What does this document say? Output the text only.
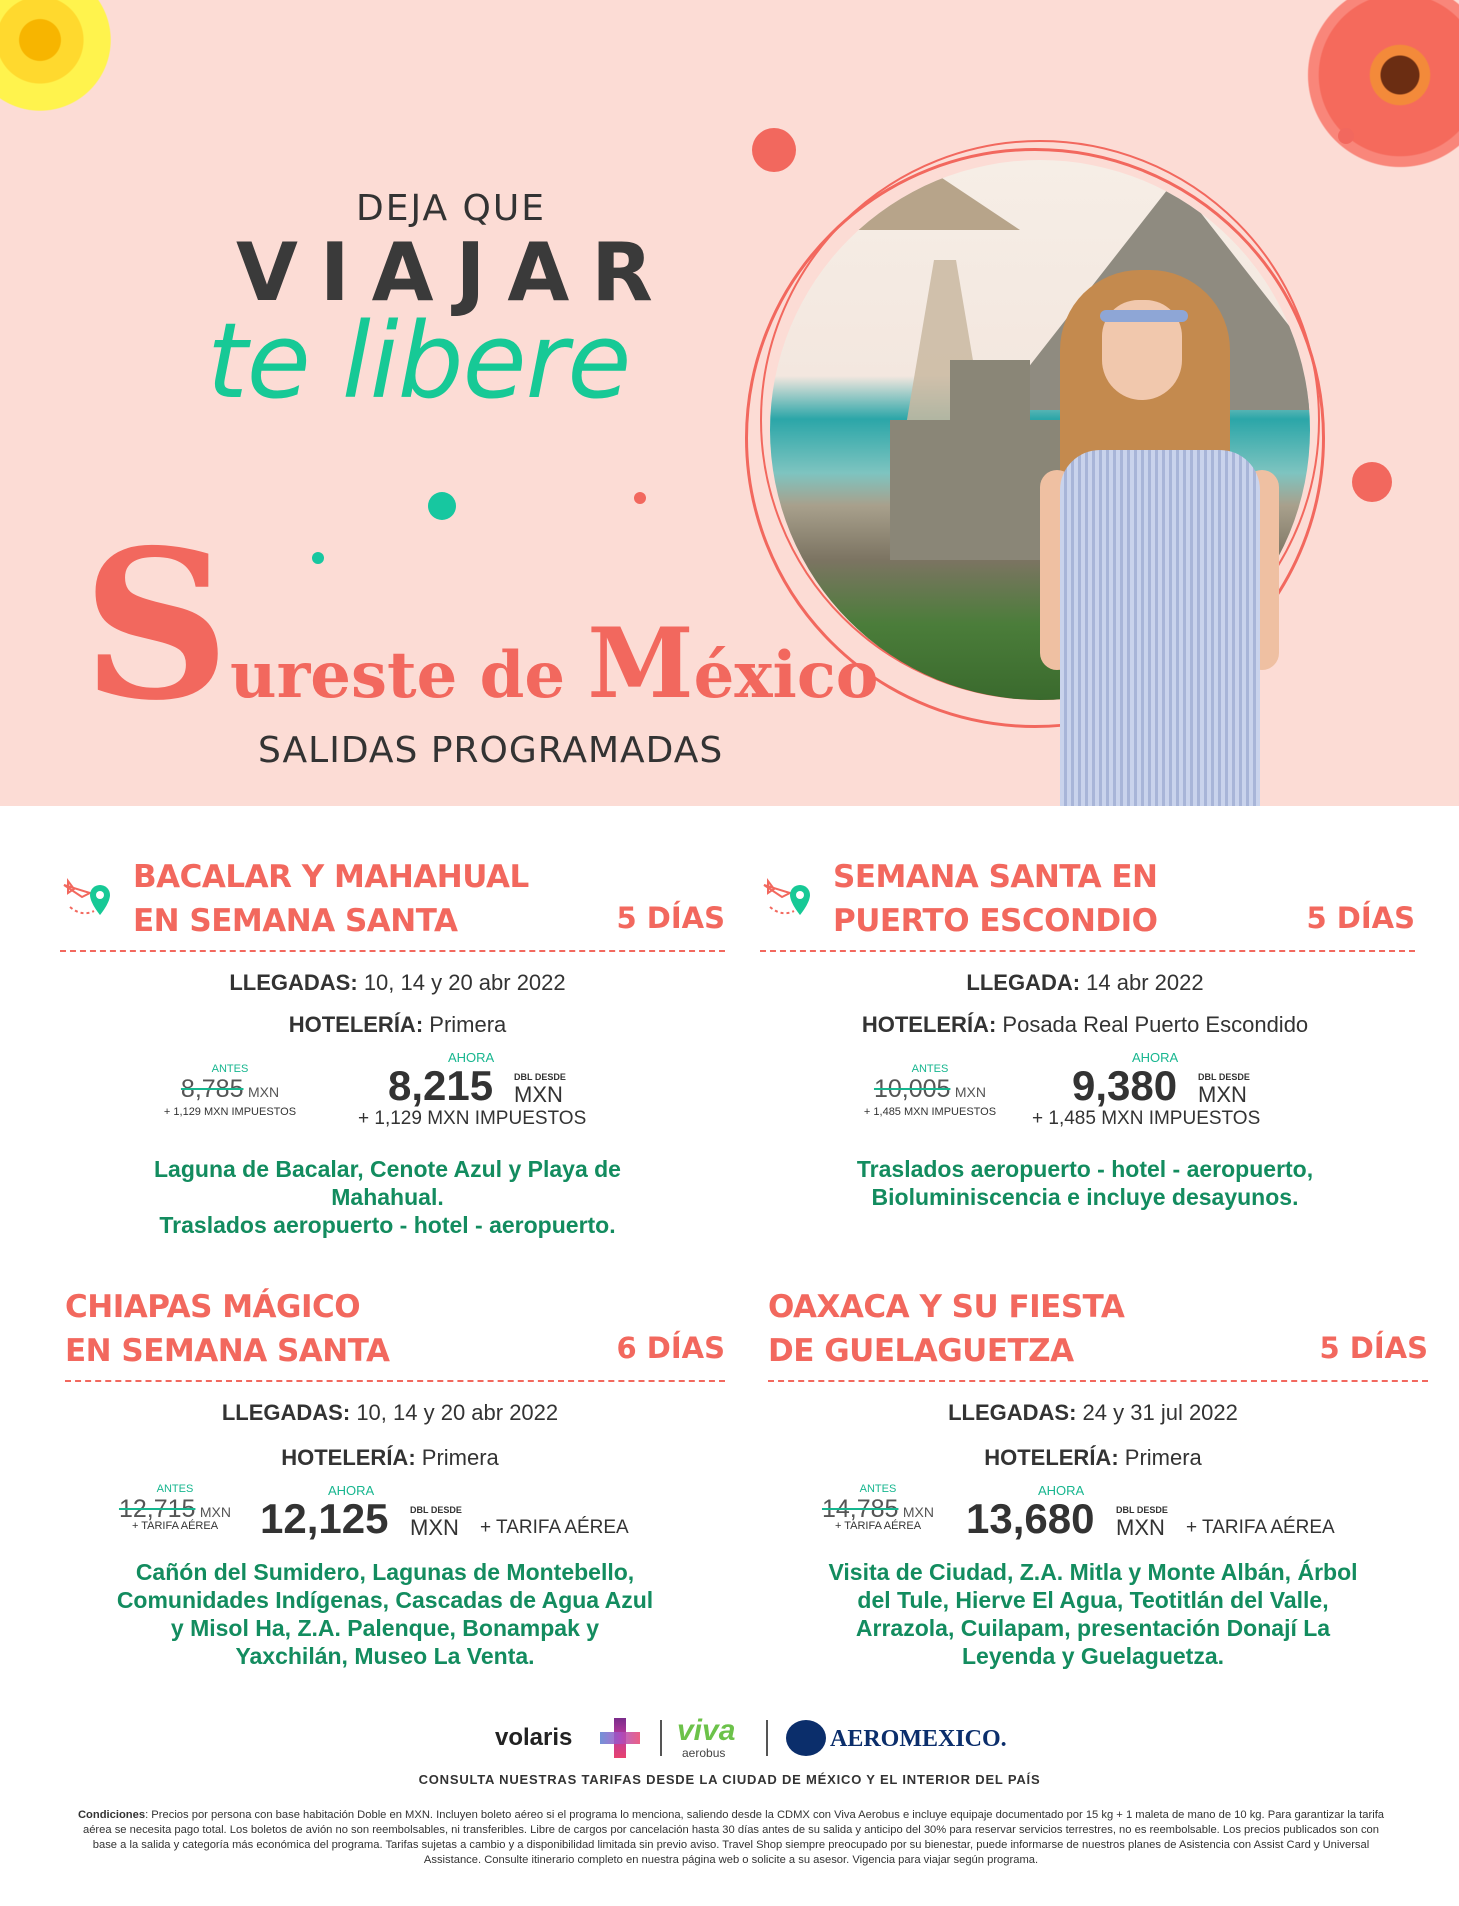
DEJA QUE
VIAJAR
te libere
Sureste de México
SALIDAS PROGRAMADAS
BACALAR Y MAHAHUAL
EN SEMANA SANTA	5 DÍAS
LLEGADAS: 10, 14 y 20 abr 2022
HOTELERÍA: Primera
ANTES
8,785 MXN
+ 1,129 MXN IMPUESTOS
AHORA
8,215 DBL DESDE
MXN
+ 1,129 MXN IMPUESTOS
Laguna de Bacalar, Cenote Azul y Playa de
Mahahual.
Traslados aeropuerto - hotel - aeropuerto.
SEMANA SANTA EN
PUERTO ESCONDIO	5 DÍAS
LLEGADA: 14 abr 2022
HOTELERÍA: Posada Real Puerto Escondido
ANTES
10,005 MXN
+ 1,485 MXN IMPUESTOS
AHORA
9,380 DBL DESDE
MXN
+ 1,485 MXN IMPUESTOS
Traslados aeropuerto - hotel - aeropuerto,
Bioluminiscencia e incluye desayunos.
CHIAPAS MÁGICO
EN SEMANA SANTA	6 DÍAS
LLEGADAS: 10, 14 y 20 abr 2022
HOTELERÍA: Primera
ANTES
12,715 MXN
+ TARIFA AÉREA
AHORA
12,125 DBL DESDE
MXN + TARIFA AÉREA
Cañón del Sumidero, Lagunas de Montebello,
Comunidades Indígenas, Cascadas de Agua Azul
y Misol Ha, Z.A. Palenque, Bonampak y
Yaxchilán, Museo La Venta.
OAXACA Y SU FIESTA
DE GUELAGUETZA	5 DÍAS
LLEGADAS: 24 y 31 jul 2022
HOTELERÍA: Primera
ANTES
14,785 MXN
+ TARIFA AÉREA
AHORA
13,680 DBL DESDE
MXN + TARIFA AÉREA
Visita de Ciudad, Z.A. Mitla y Monte Albán, Árbol
del Tule, Hierve El Agua, Teotitlán del Valle,
Arrazola, Cuilapam, presentación Donají La
Leyenda y Guelaguetza.
volaris	viva
aerobus
AEROMEXICO.
CONSULTA NUESTRAS TARIFAS DESDE LA CIUDAD DE MÉXICO Y EL INTERIOR DEL PAÍS
Condiciones: Precios por persona con base habitación Doble en MXN. Incluyen boleto aéreo si el programa lo menciona, saliendo desde la CDMX con Viva Aerobus e incluye equipaje documentado por 15 kg + 1 maleta de mano de 10 kg. Para garantizar la tarifa aérea se necesita pago total. Los boletos de avión no son reembolsables, ni transferibles. Libre de cargos por cancelación hasta 30 días antes de su salida y anticipo del 30% para reservar servicios terrestres, no es reembolsable. Los precios publicados son con base a la salida y categoría más económica del programa. Tarifas sujetas a cambio y a disponibilidad limitada sin previo aviso. Travel Shop siempre preocupado por su bienestar, puede informarse de nuestros planes de Asistencia con Assist Card y Universal Assistance. Consulte itinerario completo en nuestra página web o solicite a su asesor. Vigencia para viajar según programa.
